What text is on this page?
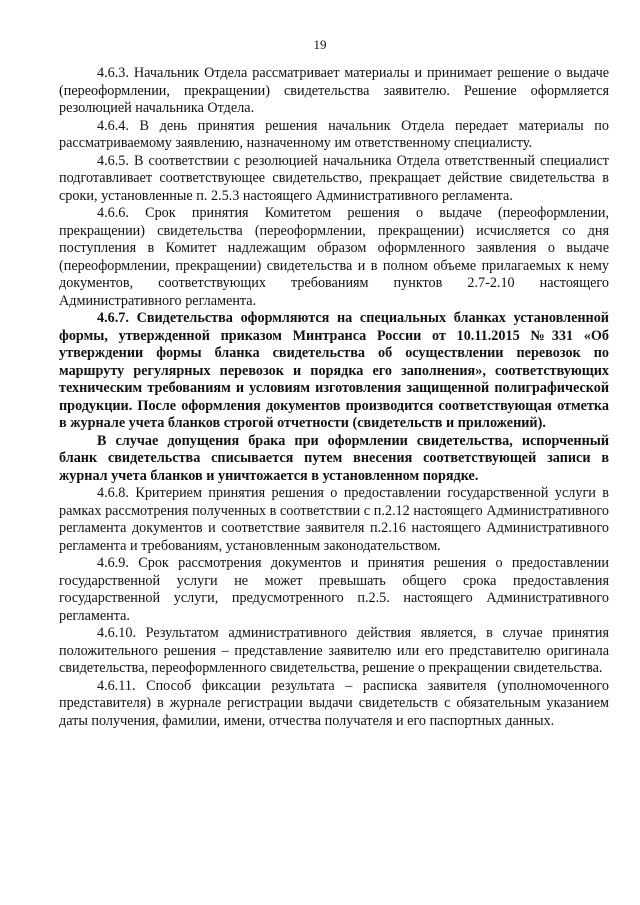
19

4.6.3. Начальник Отдела рассматривает материалы и принимает решение о выдаче (переоформлении, прекращении) свидетельства заявителю. Решение оформляется резолюцией начальника Отдела.

4.6.4. В день принятия решения начальник Отдела передает материалы по рассматриваемому заявлению, назначенному им ответственному специалисту.

4.6.5. В соответствии с резолюцией начальника Отдела ответственный специалист подготавливает соответствующее свидетельство, прекращает действие свидетельства в сроки, установленные п. 2.5.3 настоящего Административного регламента.

4.6.6. Срок принятия Комитетом решения о выдаче (переоформлении, прекращении) свидетельства (переоформлении, прекращении) исчисляется со дня поступления в Комитет надлежащим образом оформленного заявления о выдаче (переоформлении, прекращении) свидетельства и в полном объеме прилагаемых к нему документов, соответствующих требованиям пунктов 2.7-2.10 настоящего Административного регламента.

4.6.7. Свидетельства оформляются на специальных бланках установленной формы, утвержденной приказом Минтранса России от 10.11.2015 №331 «Об утверждении формы бланка свидетельства об осуществлении перевозок по маршруту регулярных перевозок и порядка его заполнения», соответствующих техническим требованиям и условиям изготовления защищенной полиграфической продукции. После оформления документов производится соответствующая отметка в журнале учета бланков строгой отчетности (свидетельств и приложений).

В случае допущения брака при оформлении свидетельства, испорченный бланк свидетельства списывается путем внесения соответствующей записи в журнал учета бланков и уничтожается в установленном порядке.

4.6.8. Критерием принятия решения о предоставлении государственной услуги в рамках рассмотрения полученных в соответствии с п.2.12 настоящего Административного регламента документов и соответствие заявителя п.2.16 настоящего Административного регламента и требованиям, установленным законодательством.

4.6.9. Срок рассмотрения документов и принятия решения о предоставлении государственной услуги не может превышать общего срока предоставления государственной услуги, предусмотренного п.2.5. настоящего Административного регламента.

4.6.10. Результатом административного действия является, в случае принятия положительного решения – представление заявителю или его представителю оригинала свидетельства, переоформленного свидетельства, решение о прекращении свидетельства.

4.6.11. Способ фиксации результата – расписка заявителя (уполномоченного представителя) в журнале регистрации выдачи свидетельств с обязательным указанием даты получения, фамилии, имени, отчества получателя и его паспортных данных.
